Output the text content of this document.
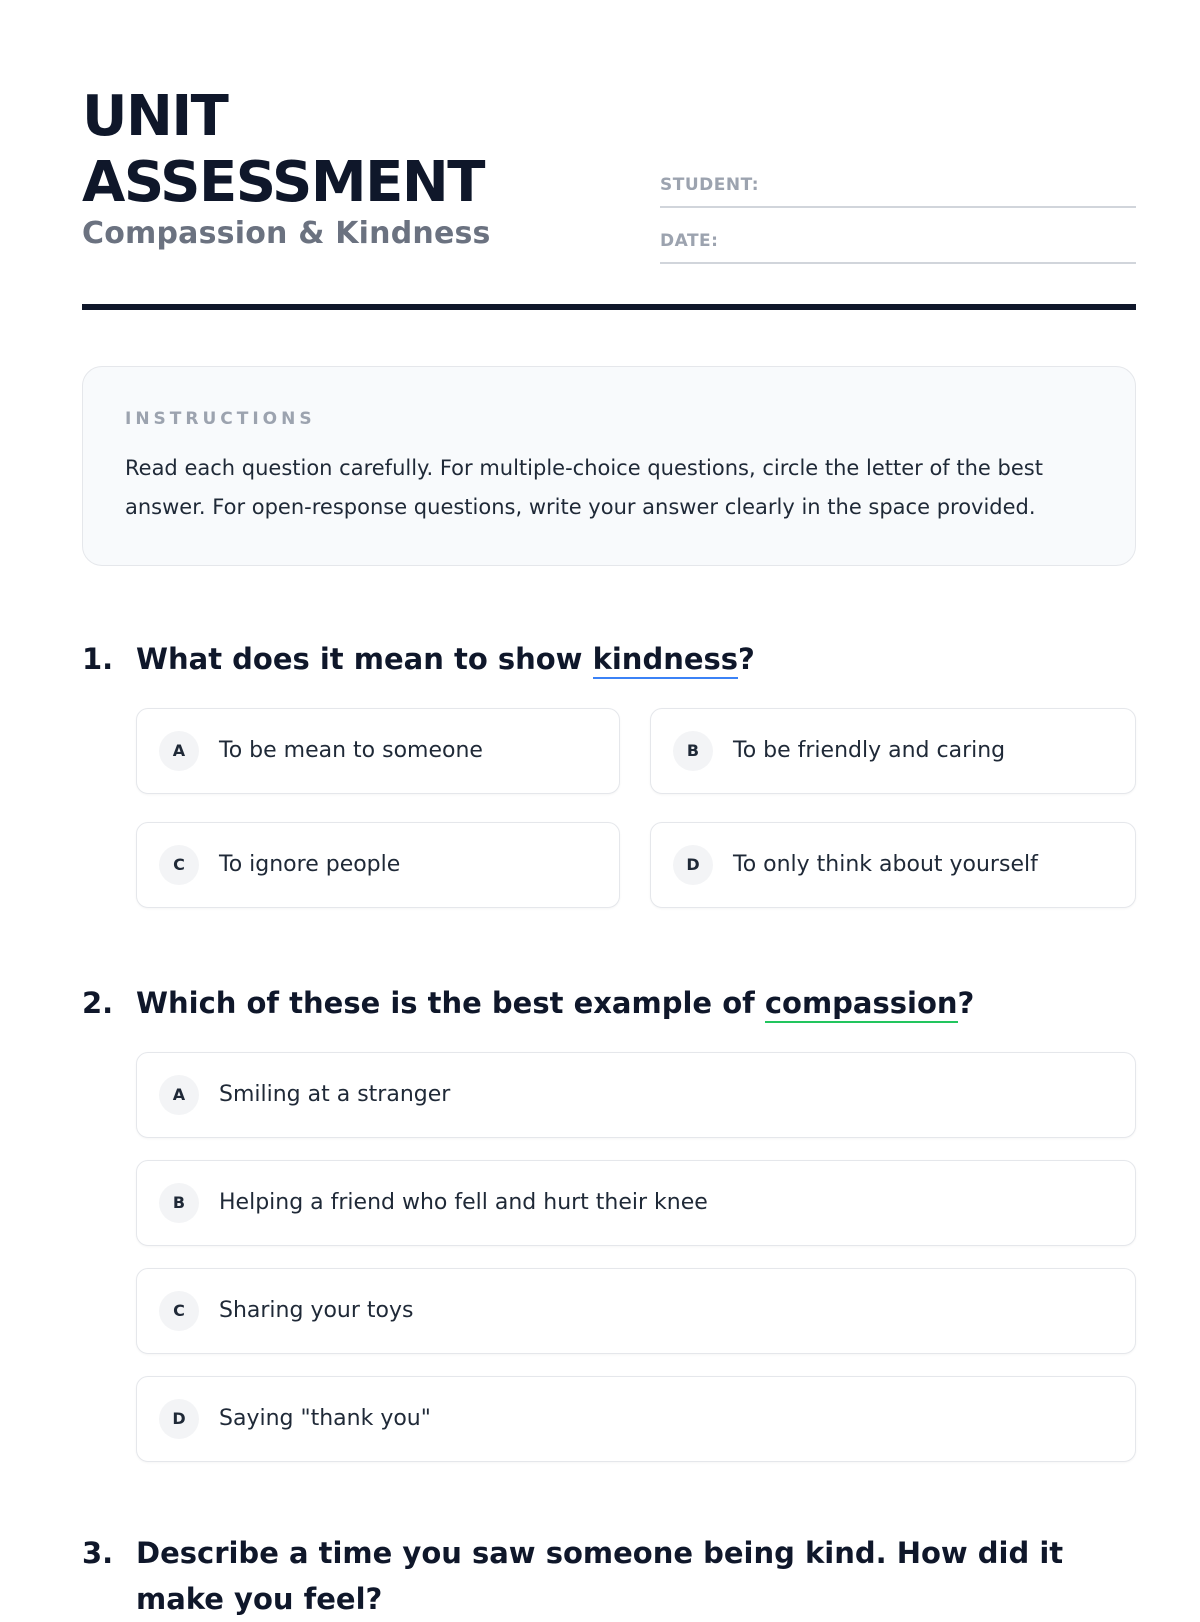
UNIT
ASSESSMENT

Compassion & Kindness

STUDENT:
DATE:

INSTRUCTIONS

Read each question carefully. For multiple-choice questions, circle the letter of the best answer. For open-response questions, write your answer clearly in the space provided.

1. What does it mean to show kindness?
A	To be mean to someone	B	To be friendly and caring
C	To ignore people	D	To only think about yourself
2. Which of these is the best example of compassion?
A	Smiling at a stranger
B	Helping a friend who fell and hurt their knee
C	Sharing your toys
D	Saying "thank you"
3. Describe a time you saw someone being kind. How did it make you feel?
